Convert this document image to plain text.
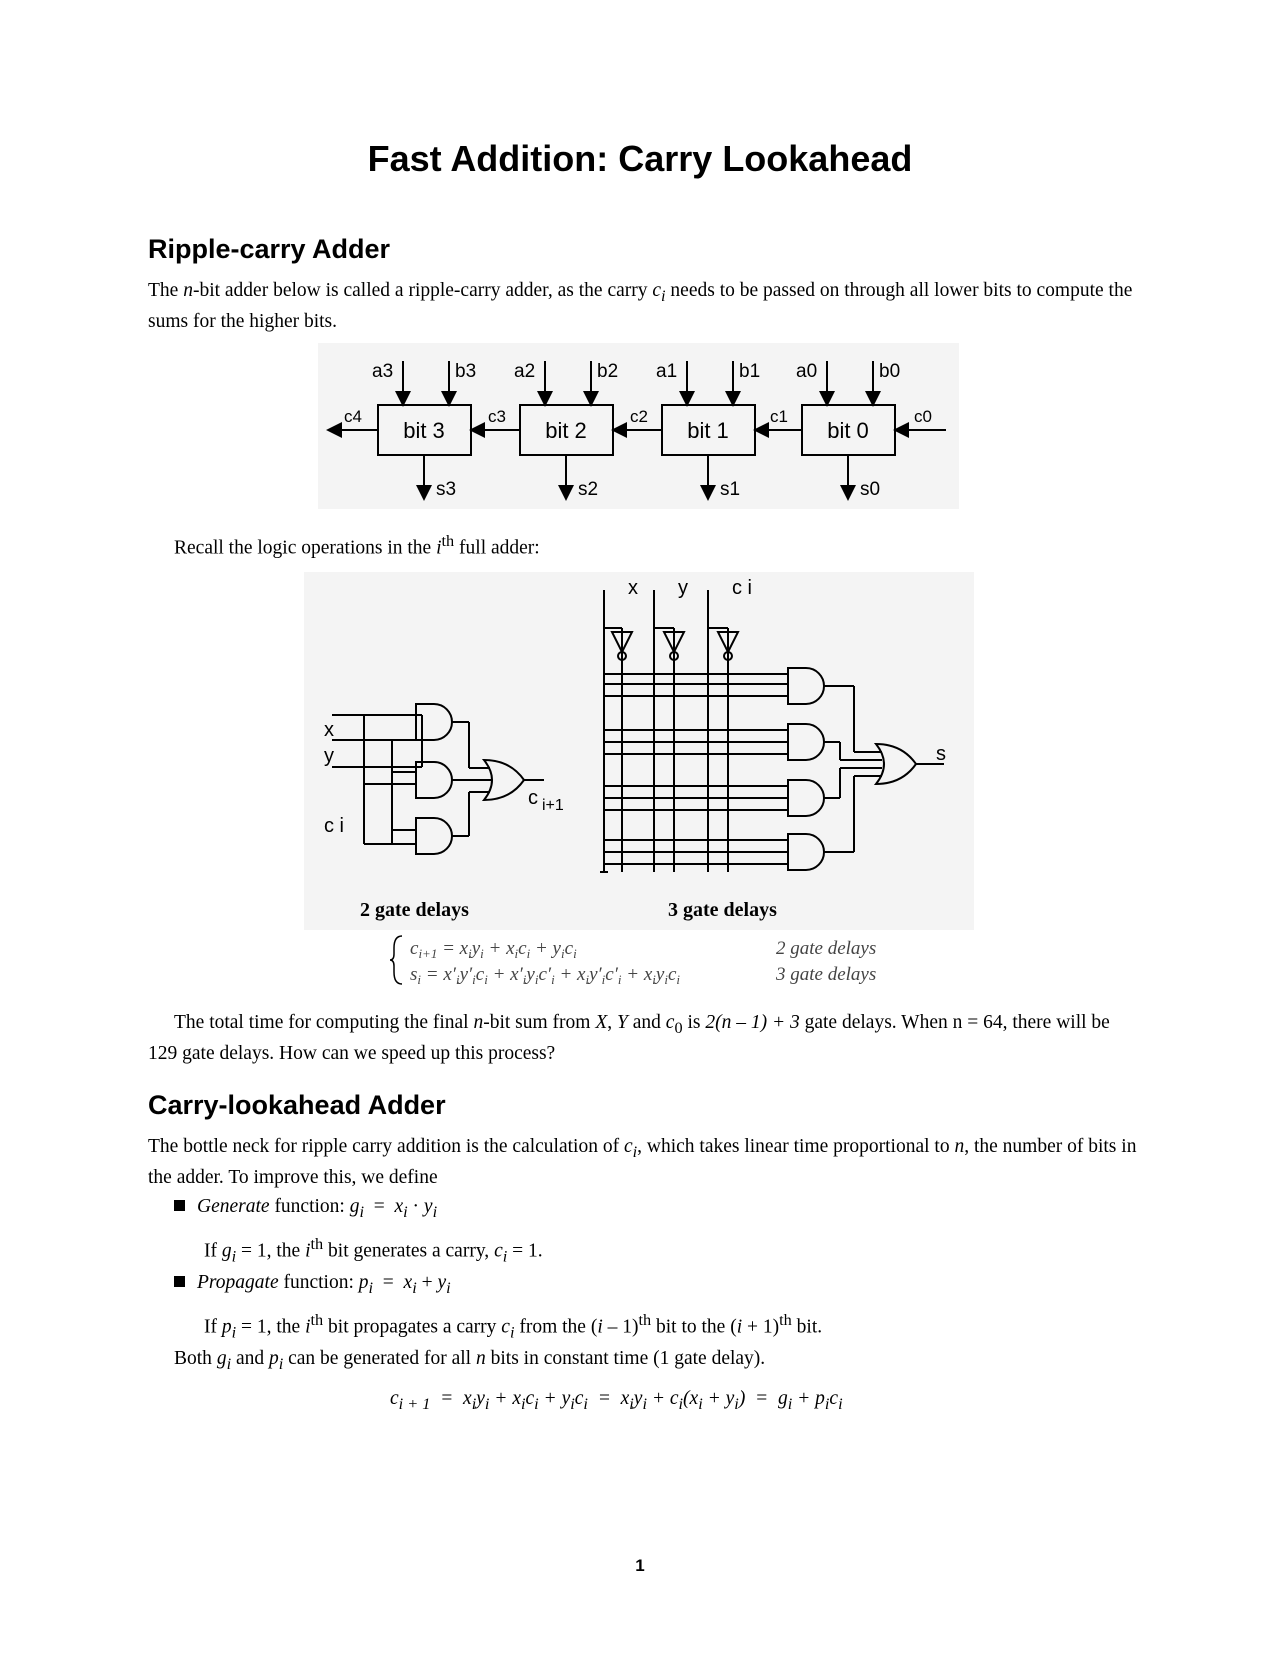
Fast Addition: Carry Lookahead
Ripple-carry Adder
The n-bit adder below is called a ripple-carry adder, as the carry $c_i$ needs to be passed on through all lower bits to compute the sums for the higher bits.
bit 3	bit 2	bit 1	bit 0
a3	b3 a2	b2 a1	b1 a0	b0
s3	s2	s1	s0
c4	c3	c2	c1	c0
Recall the logic operations in the $i^{th}$ full adder:
x
y
c i
c $_{i+1}$
x y c i
s
2 gate delays	3 gate delays
$c_{i+1} = x_iy_i + x_ic_i + y_ic_i$
$s_i = x'_iy'_ic_i + x'_iy_ic'_i + x_iy'_ic'_i + x_iy_ic_i$
2 gate delays
3 gate delays
The total time for computing the final n-bit sum from X, Y and $c_0$ is 2(n – 1) + 3 gate delays. When n = 64, there will be 129 gate delays. How can we speed up this process?
Carry-lookahead Adder
The bottle neck for ripple carry addition is the calculation of $c_i$, which takes linear time proportional to n, the number of bits in the adder. To improve this, we define
Generate function: $g_i = x_i \cdot y_i$
If $g_i = 1$, the $i^{th}$ bit generates a carry, $c_i = 1$.
Propagate function: $p_i = x_i + y_i$
If $p_i = 1$, the $i^{th}$ bit propagates a carry $c_i$ from the (i – 1)$^{th}$ bit to the $(i + 1)^{th}$ bit.
Both $g_i$ and $p_i$ can be generated for all n bits in constant time (1 gate delay).
$c_{i + 1} = x_iy_i + x_ic_i + y_ic_i = x_iy_i + c_i(x_i + y_i) = g_i + p_ic_i$
1
